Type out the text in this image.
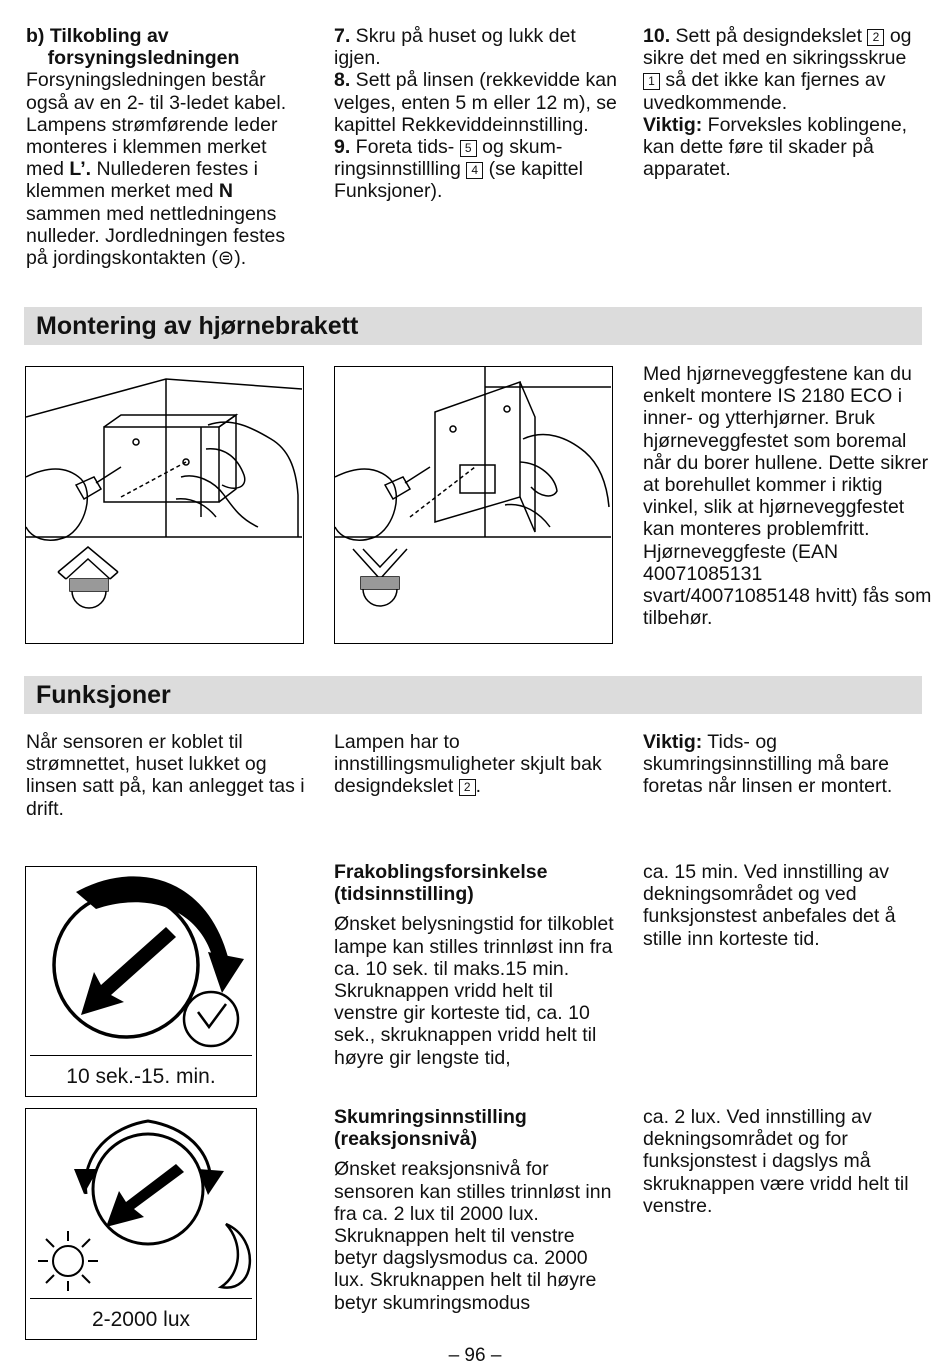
b) Tilkobling av
forsyningsledningen

Forsyningsledningen består også av en 2- til 3-ledet kabel. Lampens strømførende leder monteres i klemmen merket med L’. Nullederen festes i klemmen merket med N sammen med nettledningens nulleder. Jordledningen festes på jordingskontakten (⊜).

7. Skru på huset og lukk det igjen.

8. Sett på linsen (rekkevidde kan velges, enten 5 m eller 12 m), se kapittel Rekkeviddeinnstilling.

9. Foreta tids- 5 og skumringsinnstillling 4 (se kapittel Funksjoner).

10. Sett på designdekslet 2 og sikre det med en sikringsskrue 1 så det ikke kan fjernes av uvedkommende.

Viktig: Forveksles koblingene, kan dette føre til skader på apparatet.

Montering av hjørnebrakett

Med hjørneveggfestene kan du enkelt montere IS 2180 ECO i inner- og ytterhjørner. Bruk hjørneveggfestet som boremal når du borer hullene. Dette sikrer at borehullet kommer i riktig vinkel, slik at hjørneveggfestet kan monteres problemfritt. Hjørneveggfeste (EAN 40071085131 svart/40071085148 hvitt) fås som tilbehør.

Funksjoner

Når sensoren er koblet til strømnettet, huset lukket og linsen satt på, kan anlegget tas i drift.

Lampen har to innstillingsmuligheter skjult bak designdekslet 2 .

Viktig: Tids- og skumringsinnstilling må bare foretas når linsen er montert.

10 sek.-15. min.

Frakoblingsforsinkelse
(tidsinnstilling)

Ønsket belysningstid for tilkoblet lampe kan stilles trinnløst inn fra ca. 10 sek. til maks.15 min. Skruknappen vridd helt til venstre gir korteste tid, ca. 10 sek., skruknappen vridd helt til høyre gir lengste tid,

ca. 15 min. Ved innstilling av dekningsområdet og ved funksjonstest anbefales det å stille inn korteste tid.

2-2000 lux

Skumringsinnstilling
(reaksjonsnivå)

Ønsket reaksjonsnivå for sensoren kan stilles trinnløst inn fra ca. 2 lux til 2000 lux. Skruknappen helt til venstre betyr dagslysmodus ca. 2000 lux. Skruknappen helt til høyre betyr skumringsmodus

ca. 2 lux. Ved innstilling av dekningsområdet og for funksjonstest i dagslys må skruknappen være vridd helt til venstre.

– 96 –
